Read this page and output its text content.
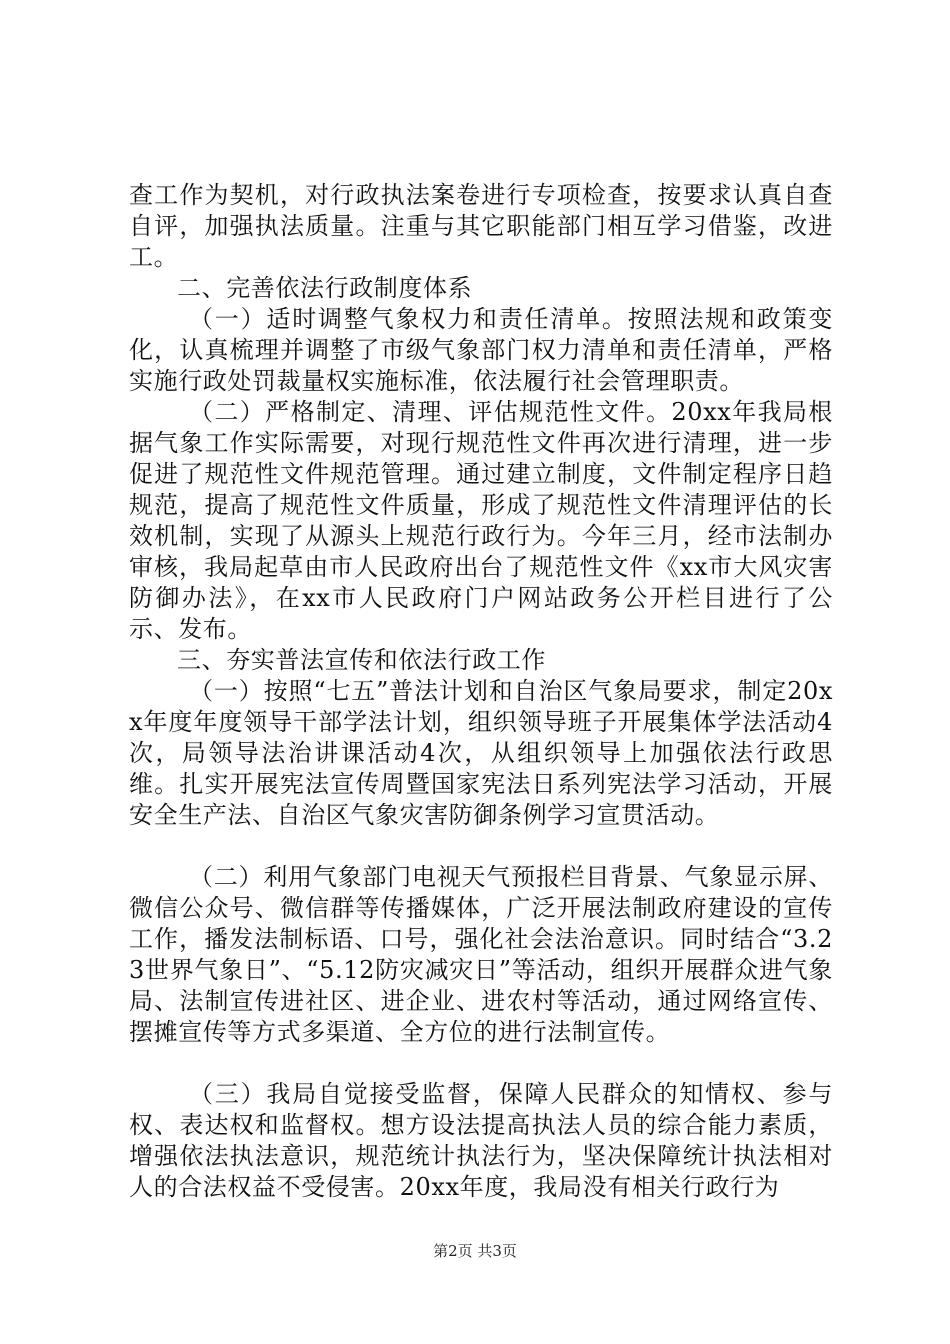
查工作为契机，对行政执法案卷进行专项检查，按要求认真自查自评，加强执法质量。注重与其它职能部门相互学习借鉴，改进工。

二、完善依法行政制度体系

（一）适时调整气象权力和责任清单。按照法规和政策变化，认真梳理并调整了市级气象部门权力清单和责任清单，严格实施行政处罚裁量权实施标准，依法履行社会管理职责。

（二）严格制定、清理、评估规范性文件。20xx年我局根据气象工作实际需要，对现行规范性文件再次进行清理，进一步促进了规范性文件规范管理。通过建立制度，文件制定程序日趋规范，提高了规范性文件质量，形成了规范性文件清理评估的长效机制，实现了从源头上规范行政行为。今年三月，经市法制办审核，我局起草由市人民政府出台了规范性文件《xx市大风灾害防御办法》，在xx市人民政府门户网站政务公开栏目进行了公示、发布。

三、夯实普法宣传和依法行政工作

（一）按照“七五”普法计划和自治区气象局要求，制定20xx年度年度领导干部学法计划，组织领导班子开展集体学法活动4次，局领导法治讲课活动4次，从组织领导上加强依法行政思维。扎实开展宪法宣传周暨国家宪法日系列宪法学习活动，开展安全生产法、自治区气象灾害防御条例学习宣贯活动。

（二）利用气象部门电视天气预报栏目背景、气象显示屏、微信公众号、微信群等传播媒体，广泛开展法制政府建设的宣传工作，播发法制标语、口号，强化社会法治意识。同时结合“3.23世界气象日”、“5.12防灾减灾日”等活动，组织开展群众进气象局、法制宣传进社区、进企业、进农村等活动，通过网络宣传、摆摊宣传等方式多渠道、全方位的进行法制宣传。

（三）我局自觉接受监督，保障人民群众的知情权、参与权、表达权和监督权。想方设法提高执法人员的综合能力素质，增强依法执法意识，规范统计执法行为，坚决保障统计执法相对人的合法权益不受侵害。20xx年度，我局没有相关行政行为

第2页 共3页
